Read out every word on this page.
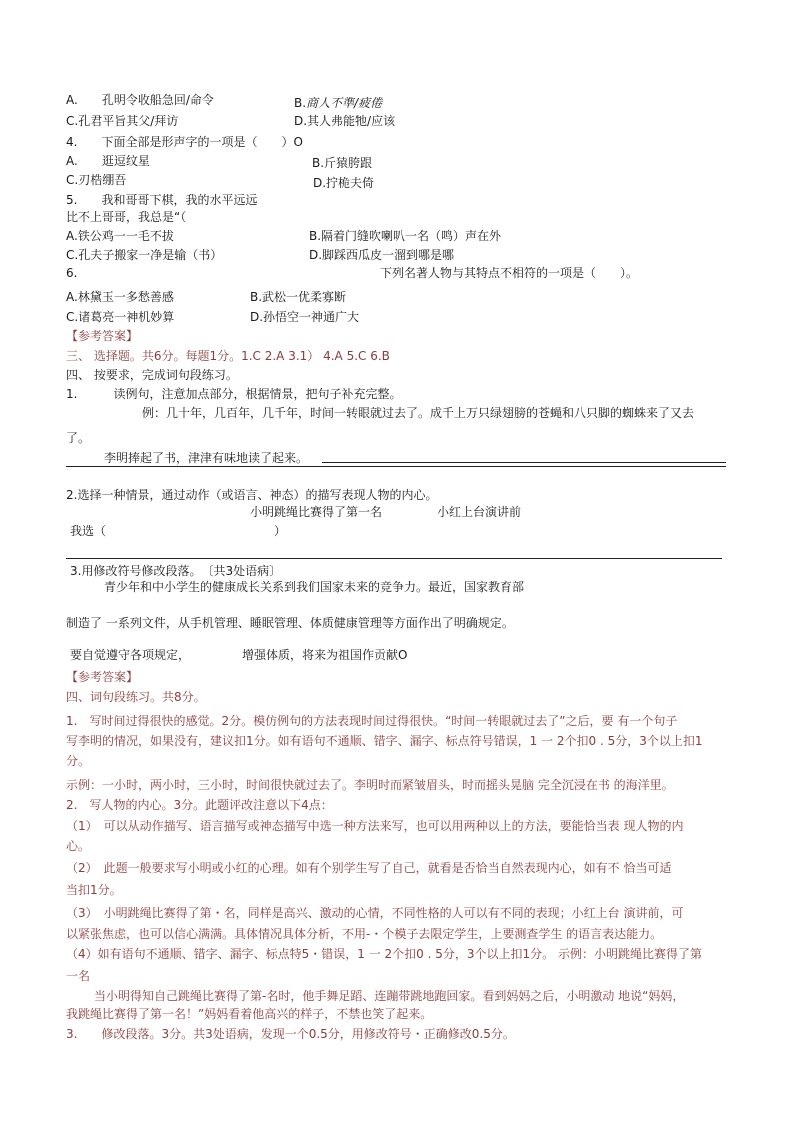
A.　　孔明令收船急回/命令	B.商人不準/疲倦
C.孔君平旨其父/拜访	D.其人弗能牠/应该
4.　　下面全部是形声字的一项是（　　）O
A.　　逛逗纹星	B.斤猿胯跟
C.刃梏绷吾	D.拧桅夫倚
5.　　我和哥哥下棋，我的水平远远
比不上哥哥，我总是“（
A.铁公鸡一一毛不拔	B.隔着门缝吹喇叭一名（鸣）声在外
C.孔夫子搬家一净是输（书）	D.脚踩西瓜皮一溜到哪是哪
6.	下列名著人物与其特点不相符的一项是（　　）。
A.林黛玉一多愁善感	B.武松一优柔寡断
C.诸葛亮一神机妙算	D.孙悟空一神通广大
【参考答案】
三、 选择题。共6分。每题1分。1.C 2.A 3.1） 4.A 5.C 6.B
四、 按要求，完成词句段练习。
1.　　　读例句，注意加点部分，根据情景，把句子补充完整。
例：几十年，几百年，几千年，时间一转眼就过去了。成千上万只绿翅膀的苍蝇和八只脚的蜘蛛来了又去
了。
李明捧起了书，津津有味地读了起来。
2.选择一种情景，通过动作（或语言、神态）的描写表现人物的内心。
小明跳绳比赛得了第一名	小红上台演讲前
我选（　　　　　　　　　　　　　　）
3.用修改符号修改段落。　〔共3处语病〕
青少年和中小学生的健康成长关系到我们国家未来的竞争力。最近，国家教育部
制造了 一系列文件，从手机管理、睡眠管理、体质健康管理等方面作出了明确规定。
要自觉遵守各项规定，	增强体质，将来为祖国作贡献O
【参考答案】
四、词句段练习。共8分。
1.　写时间过得很快的感觉。2分。模仿例句的方法表现时间过得很快。“时间一转眼就过去了”之后，要 有一个句子
写李明的情况，如果没有，建议扣1分。如有语句不通顺、错字、漏字、标点符号错误，1 一 2个扣0 . 5分，3个以上扣1
分。
示例：一小时，两小时，三小时，时间很快就过去了。李明时而紧皱眉头，时而摇头晃脑 完全沉浸在书 的海洋里。
2.　写人物的内心。3分。此题评改注意以下4点：
（1）　可以从动作描写、语言描写或神态描写中选一种方法来写，也可以用两种以上的方法，要能恰当表 现人物的内
心。
（2）　此题一般要求写小明或小红的心理。如有个别学生写了自己，就看是否恰当自然表现内心，如有不 恰当可适
当扣1分。
（3）　小明跳绳比赛得了第・名，同样是高兴、激动的心情，不同性格的人可以有不同的表现；小红上台 演讲前，可
以紧张焦虑，也可以信心满满。具体情况具体分析，不用-・个模子去限定学生，上要测查学生 的语言表达能力。
（4）如有语句不通顺、错字、漏字、标点特5・错误，1 一 2个扣0 . 5分，3个以上扣1分。 示例：小明跳绳比赛得了第
一名
当小明得知自己跳绳比赛得了第-名时，他手舞足蹈、连蹦带跳地跑回家。看到妈妈之后，小明激动 地说“妈妈，
我跳绳比赛得了第一名！”妈妈看着他高兴的样子，不禁也笑了起来。
3.　　修改段落。3分。共3处语病，发现一个0.5分，用修改符号・正确修改0.5分。
